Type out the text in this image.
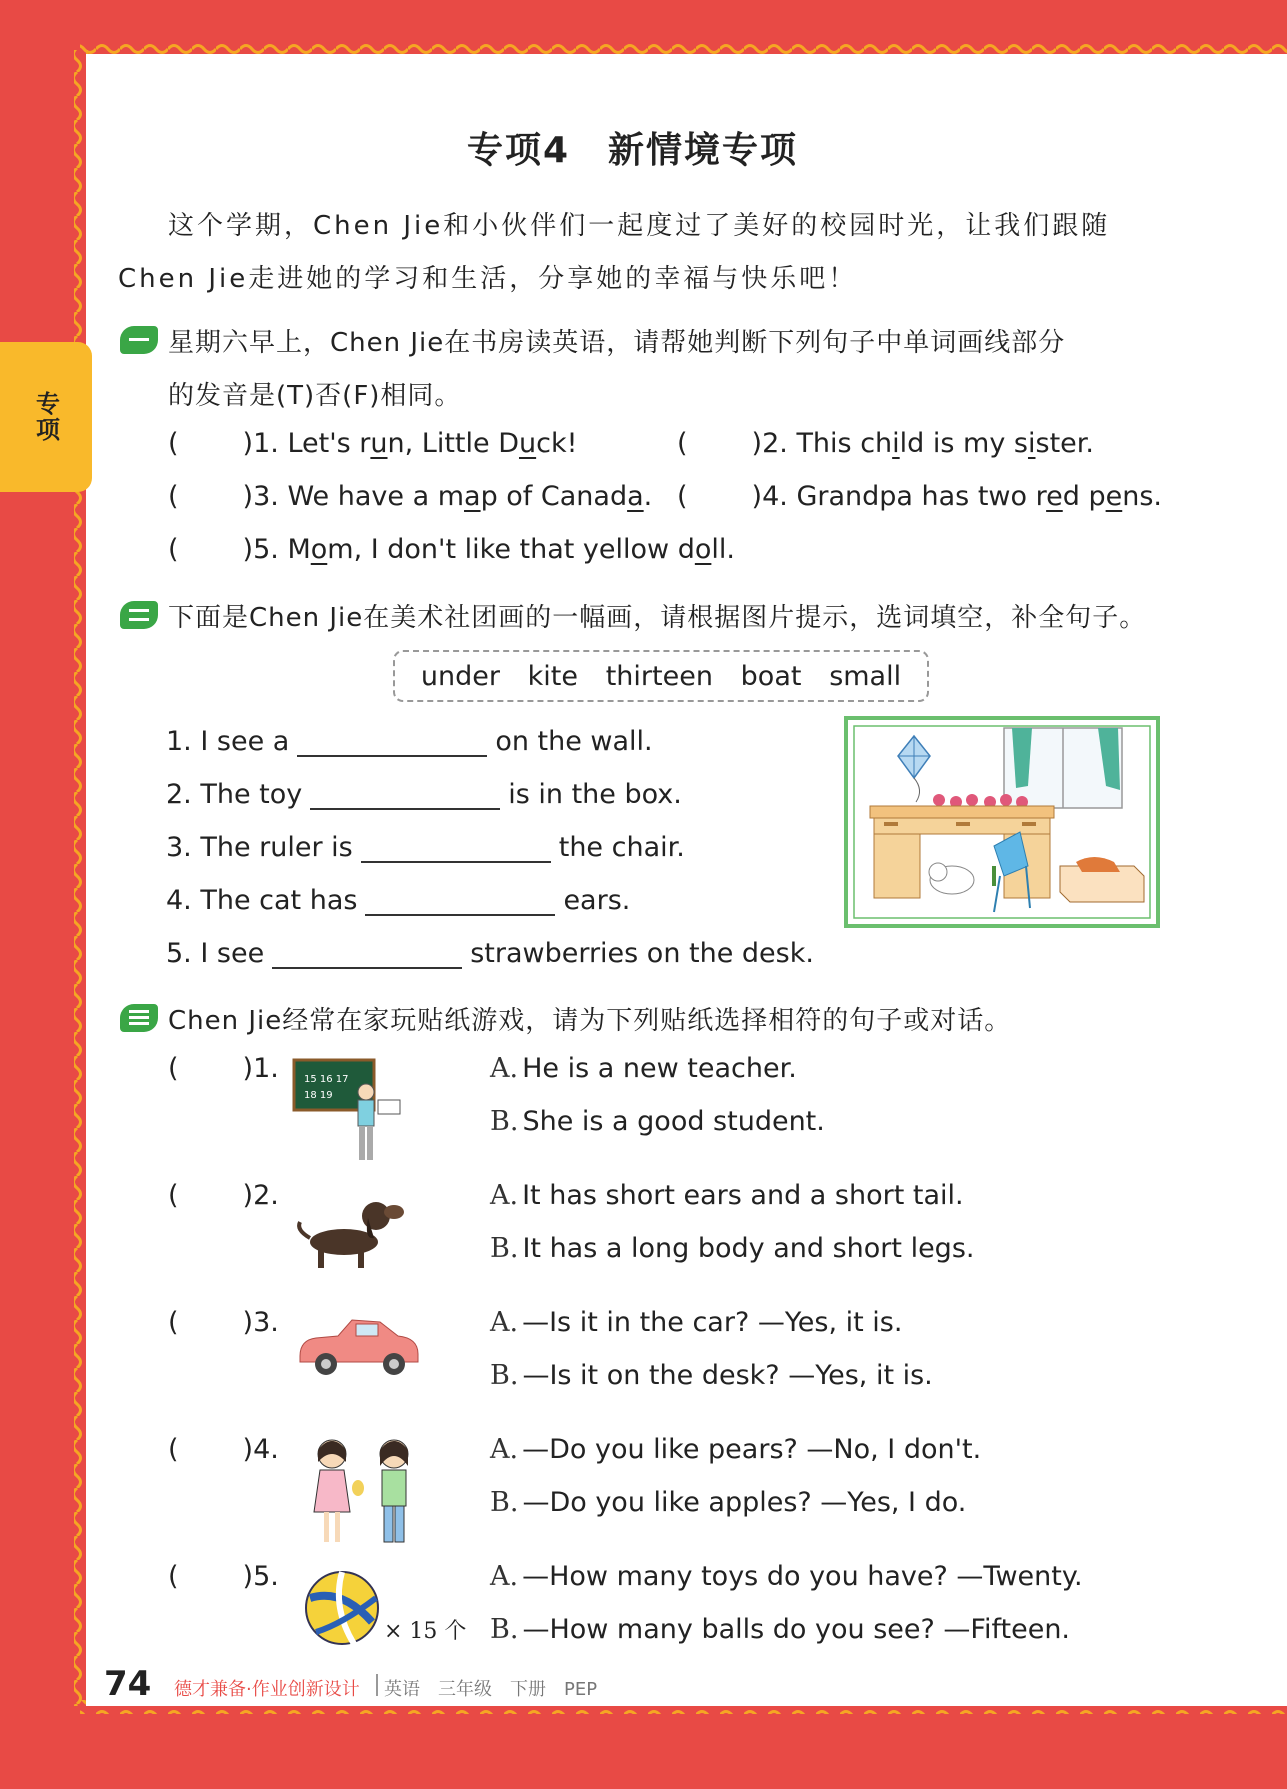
专项
专项4　新情境专项
这个学期，Chen Jie和小伙伴们一起度过了美好的校园时光，让我们跟随
Chen Jie走进她的学习和生活，分享她的幸福与快乐吧！
星期六早上，Chen Jie在书房读英语，请帮她判断下列句子中单词画线部分
的发音是(T)否(F)相同。
( )1. Let's run, Little Duck!	( )2. This child is my sister.
( )3. We have a map of Canada. ( )4. Grandpa has two red pens.
( )5. Mom, I don't like that yellow doll.
下面是Chen Jie在美术社团画的一幅画，请根据图片提示，选词填空，补全句子。
under kite thirteen boat small
1. I see a	on the wall.
2. The toy	is in the box.
3. The ruler is	the chair.
4. The cat has	ears.
5. I see	strawberries on the desk.
Chen Jie经常在家玩贴纸游戏，请为下列贴纸选择相符的句子或对话。
( )1.	15 16 17
18 19
A. He is a new teacher.
B. She is a good student.
( )2.	A. It has short ears and a short tail.
B. It has a long body and short legs.
( )3.	A. —Is it in the car? —Yes, it is.
B. —Is it on the desk? —Yes, it is.
( )4.	A. —Do you like pears? —No, I don't.
B. —Do you like apples? —Yes, I do.
( )5.
× 15 个
A. —How many toys do you have? —Twenty.
B. —How many balls do you see? —Fifteen.
74 德才兼备·作业创新设计 英语　三年级　下册　PEP
